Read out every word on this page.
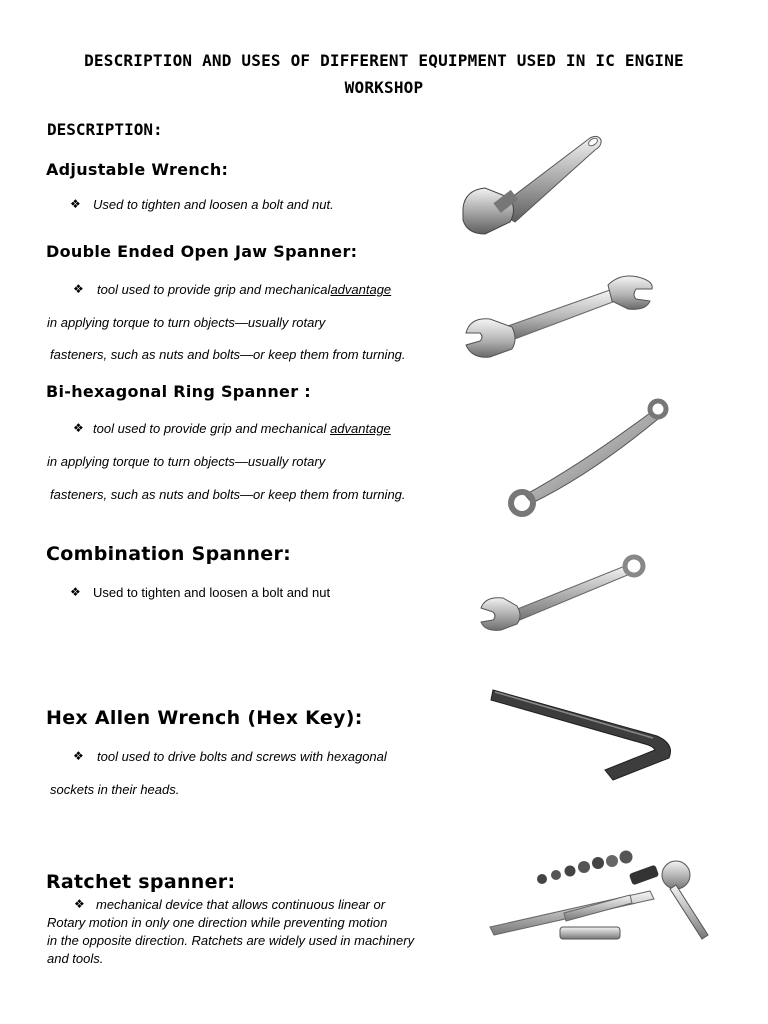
DESCRIPTION AND USES OF DIFFERENT EQUIPMENT USED IN IC ENGINE
WORKSHOP
DESCRIPTION:
Adjustable Wrench:
❖ Used to tighten and loosen a bolt and nut.
Double Ended Open Jaw Spanner:
❖ tool used to provide grip and mechanicaladvantage
in applying torque to turn objects—usually rotary
fasteners, such as nuts and bolts—or keep them from turning.
Bi-hexagonal Ring Spanner :
❖ tool used to provide grip and mechanical advantage
in applying torque to turn objects—usually rotary
fasteners, such as nuts and bolts—or keep them from turning.
Combination Spanner:
❖ Used to tighten and loosen a bolt and nut
Hex Allen Wrench (Hex Key):
❖ tool used to drive bolts and screws with hexagonal
sockets in their heads.
Ratchet spanner:
❖ mechanical device that allows continuous linear or
Rotary motion in only one direction while preventing motion
in the opposite direction. Ratchets are widely used in machinery
and tools.
